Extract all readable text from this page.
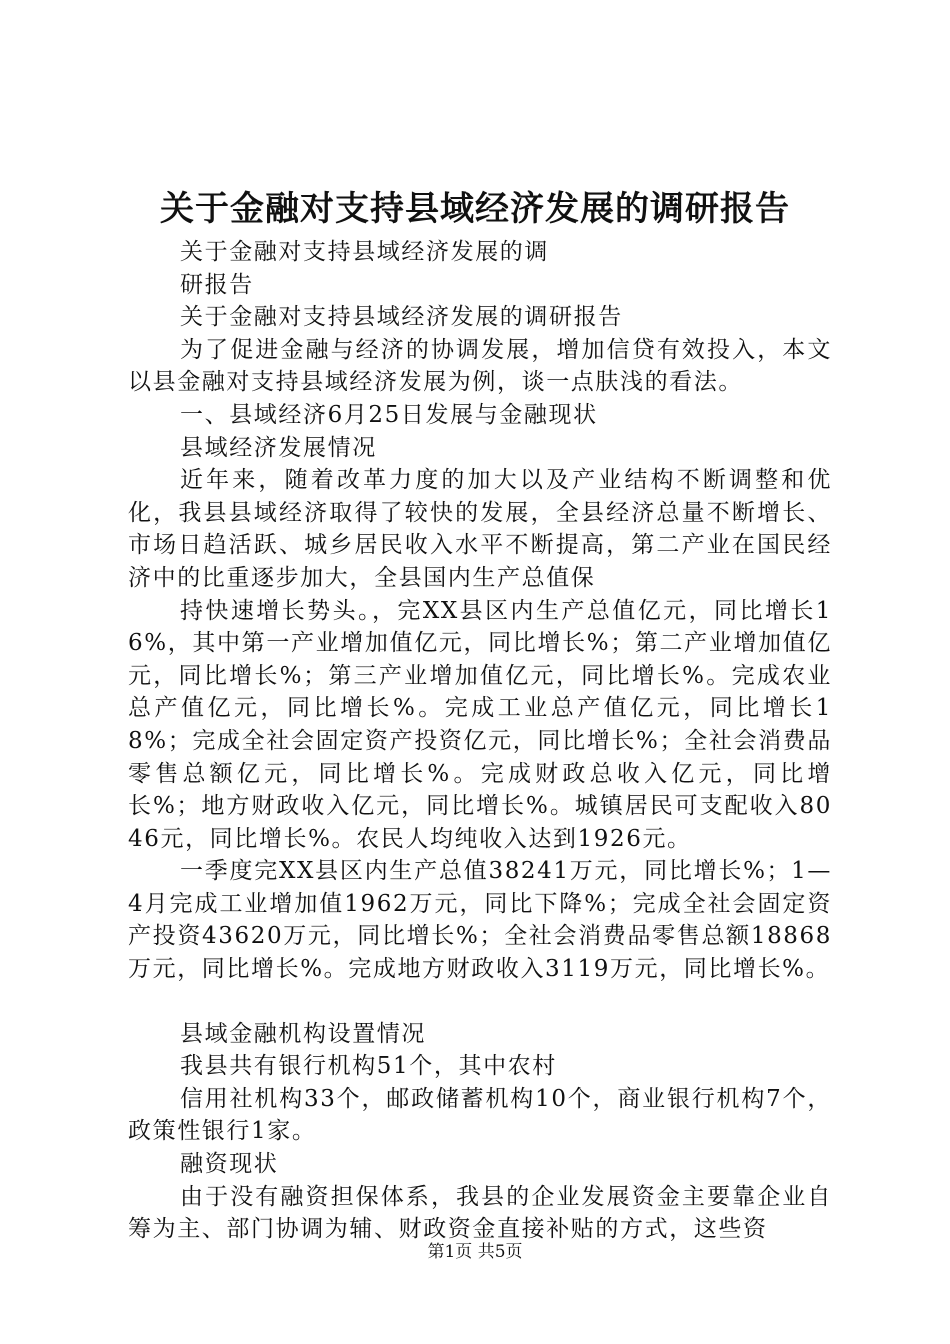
关于金融对支持县域经济发展的调研报告

关于金融对支持县域经济发展的调

研报告

关于金融对支持县域经济发展的调研报告

为了促进金融与经济的协调发展，增加信贷有效投入，本文以县金融对支持县域经济发展为例，谈一点肤浅的看法。

一、县域经济6月25日发展与金融现状

县域经济发展情况

近年来，随着改革力度的加大以及产业结构不断调整和优化，我县县域经济取得了较快的发展，全县经济总量不断增长、市场日趋活跃、城乡居民收入水平不断提高，第二产业在国民经济中的比重逐步加大，全县国内生产总值保

持快速增长势头。，完XX县区内生产总值亿元，同比增长16%，其中第一产业增加值亿元，同比增长%；第二产业增加值亿元，同比增长%；第三产业增加值亿元，同比增长%。完成农业总产值亿元，同比增长%。完成工业总产值亿元，同比增长18%；完成全社会固定资产投资亿元，同比增长%；全社会消费品零售总额亿元，同比增长%。完成财政总收入亿元，同比增长%；地方财政收入亿元，同比增长%。城镇居民可支配收入8046元，同比增长%。农民人均纯收入达到1926元。

一季度完XX县区内生产总值38241万元，同比增长%；1—4月完成工业增加值1962万元，同比下降%；完成全社会固定资产投资43620万元，同比增长%；全社会消费品零售总额18868万元，同比增长%。完成地方财政收入3119万元，同比增长%。

县域金融机构设置情况

我县共有银行机构51个，其中农村

信用社机构33个，邮政储蓄机构10个，商业银行机构7个，政策性银行1家。

融资现状

由于没有融资担保体系，我县的企业发展资金主要靠企业自筹为主、部门协调为辅、财政资金直接补贴的方式，这些资

第1页 共5页
